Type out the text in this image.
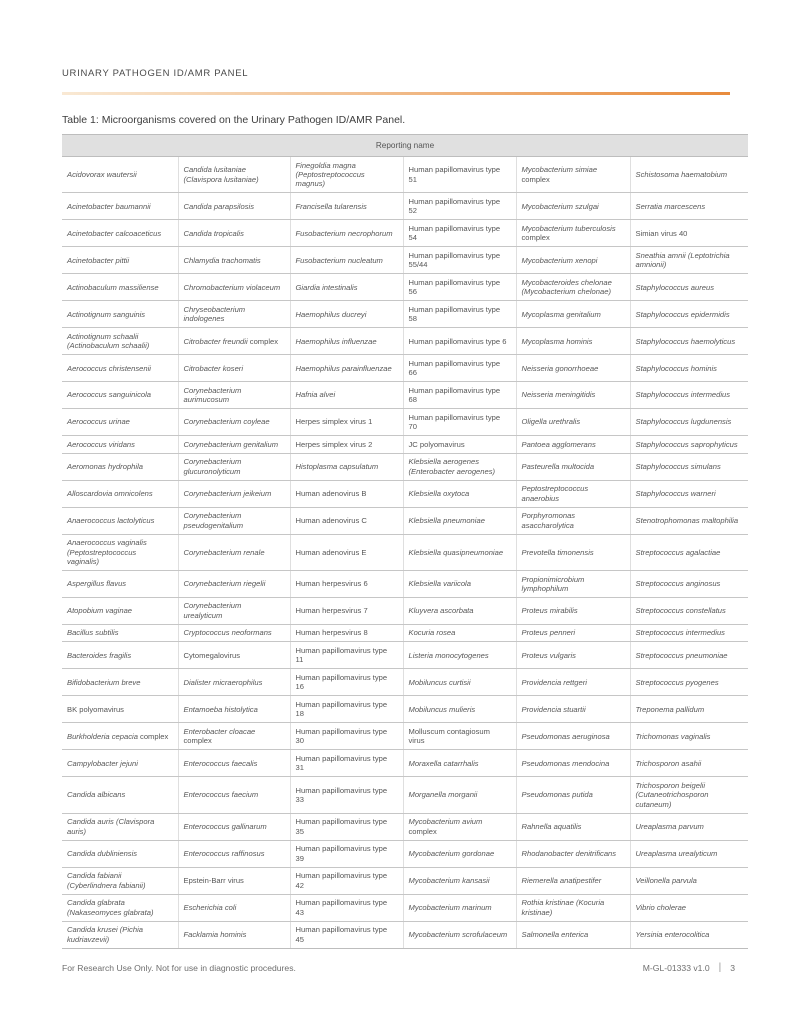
URINARY PATHOGEN ID/AMR PANEL
Table 1: Microorganisms covered on the Urinary Pathogen ID/AMR Panel.
Reporting name					
Acidovorax wautersii	Candida lusitaniae (Clavispora lusitaniae)	Finegoldia magna (Peptostreptococcus magnus)	Human papillomavirus type 51	Mycobacterium simiae complex	Schistosoma haematobium
Acinetobacter baumannii	Candida parapsilosis	Francisella tularensis	Human papillomavirus type 52	Mycobacterium szulgai	Serratia marcescens
Acinetobacter calcoaceticus	Candida tropicalis	Fusobacterium necrophorum	Human papillomavirus type 54	Mycobacterium tuberculosis complex	Simian virus 40
Acinetobacter pittii	Chlamydia trachomatis	Fusobacterium nucleatum	Human papillomavirus type 55/44	Mycobacterium xenopi	Sneathia amnii (Leptotrichia amnionii)
Actinobaculum massiliense	Chromobacterium violaceum	Giardia intestinalis	Human papillomavirus type 56	Mycobacteroides chelonae (Mycobacterium chelonae)	Staphylococcus aureus
Actinotignum sanguinis	Chryseobacterium indologenes	Haemophilus ducreyi	Human papillomavirus type 58	Mycoplasma genitalium	Staphylococcus epidermidis
Actinotignum schaalii (Actinobaculum schaalii)	Citrobacter freundii complex	Haemophilus influenzae	Human papillomavirus type 6	Mycoplasma hominis	Staphylococcus haemolyticus
Aerococcus christensenii	Citrobacter koseri	Haemophilus parainfluenzae	Human papillomavirus type 66	Neisseria gonorrhoeae	Staphylococcus hominis
Aerococcus sanguinicola	Corynebacterium aurimucosum	Hafnia alvei	Human papillomavirus type 68	Neisseria meningitidis	Staphylococcus intermedius
Aerococcus urinae	Corynebacterium coyleae	Herpes simplex virus 1	Human papillomavirus type 70	Oligella urethralis	Staphylococcus lugdunensis
Aerococcus viridans	Corynebacterium genitalium	Herpes simplex virus 2	JC polyomavirus	Pantoea agglomerans	Staphylococcus saprophyticus
Aeromonas hydrophila	Corynebacterium glucuronolyticum	Histoplasma capsulatum	Klebsiella aerogenes (Enterobacter aerogenes)	Pasteurella multocida	Staphylococcus simulans
Alloscardovia omnicolens	Corynebacterium jeikeium	Human adenovirus B	Klebsiella oxytoca	Peptostreptococcus anaerobius	Staphylococcus warneri
Anaerococcus lactolyticus	Corynebacterium pseudogenitalium	Human adenovirus C	Klebsiella pneumoniae	Porphyromonas asaccharolytica	Stenotrophomonas maltophilia
Anaerococcus vaginalis (Peptostreptococcus vaginalis)	Corynebacterium renale	Human adenovirus E	Klebsiella quasipneumoniae	Prevotella timonensis	Streptococcus agalactiae
Aspergillus flavus	Corynebacterium riegelii	Human herpesvirus 6	Klebsiella variicola	Propionimicrobium lymphophilum	Streptococcus anginosus
Atopobium vaginae	Corynebacterium urealyticum	Human herpesvirus 7	Kluyvera ascorbata	Proteus mirabilis	Streptococcus constellatus
Bacillus subtilis	Cryptococcus neoformans	Human herpesvirus 8	Kocuria rosea	Proteus penneri	Streptococcus intermedius
Bacteroides fragilis	Cytomegalovirus	Human papillomavirus type 11	Listeria monocytogenes	Proteus vulgaris	Streptococcus pneumoniae
Bifidobacterium breve	Dialister micraerophilus	Human papillomavirus type 16	Mobiluncus curtisii	Providencia rettgeri	Streptococcus pyogenes
BK polyomavirus	Entamoeba histolytica	Human papillomavirus type 18	Mobiluncus mulieris	Providencia stuartii	Treponema pallidum
Burkholderia cepacia complex	Enterobacter cloacae complex	Human papillomavirus type 30	Molluscum contagiosum virus	Pseudomonas aeruginosa	Trichomonas vaginalis
Campylobacter jejuni	Enterococcus faecalis	Human papillomavirus type 31	Moraxella catarrhalis	Pseudomonas mendocina	Trichosporon asahii
Candida albicans	Enterococcus faecium	Human papillomavirus type 33	Morganella morganii	Pseudomonas putida	Trichosporon beigelii (Cutaneotrichosporon cutaneum)
Candida auris (Clavispora auris)	Enterococcus gallinarum	Human papillomavirus type 35	Mycobacterium avium complex	Rahnella aquatilis	Ureaplasma parvum
Candida dubliniensis	Enterococcus raffinosus	Human papillomavirus type 39	Mycobacterium gordonae	Rhodanobacter denitrificans	Ureaplasma urealyticum
Candida fabianii (Cyberlindnera fabianii)	Epstein-Barr virus	Human papillomavirus type 42	Mycobacterium kansasii	Riemerella anatipestifer	Veillonella parvula
Candida glabrata (Nakaseomyces glabrata)	Escherichia coli	Human papillomavirus type 43	Mycobacterium marinum	Rothia kristinae (Kocuria kristinae)	Vibrio cholerae
Candida krusei (Pichia kudriavzevii)	Facklamia hominis	Human papillomavirus type 45	Mycobacterium scrofulaceum	Salmonella enterica	Yersinia enterocolitica
For Research Use Only. Not for use in diagnostic procedures.	M-GL-01333 v1.0 | 3
